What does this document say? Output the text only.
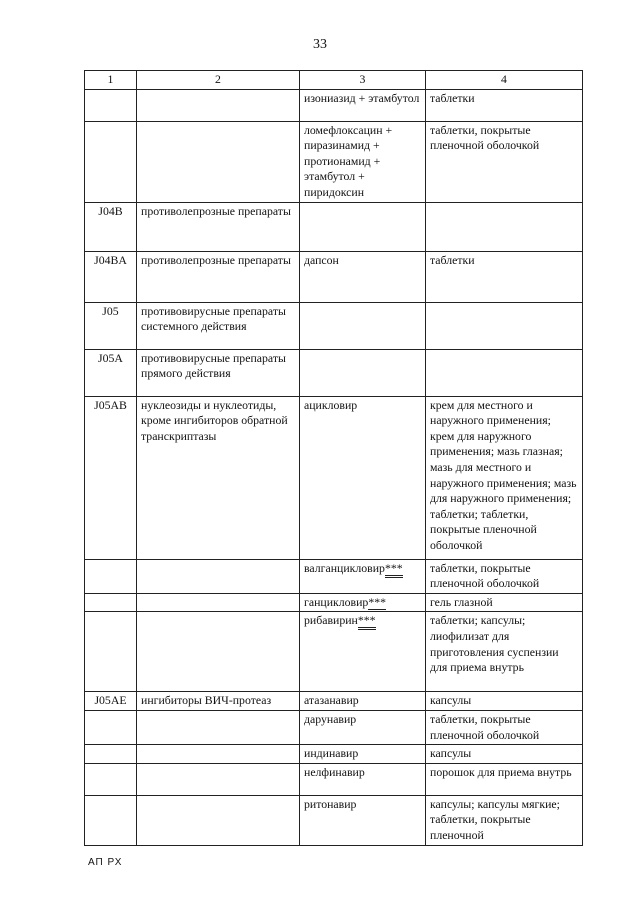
33
1	2	3	4
		изониазид + этамбутол	таблетки
		ломефлоксацин + пиразинамид + протионамид + этамбутол + пиридоксин	таблетки, покрытые пленочной оболочкой
J04B	противолепрозные препараты		
J04BA	противолепрозные препараты	дапсон	таблетки
J05	противовирусные препараты системного действия		
J05A	противовирусные препараты прямого действия		
J05AB	нуклеозиды и нуклеотиды, кроме ингибиторов обратной транскриптазы	ацикловир	крем для местного и наружного применения; крем для наружного применения; мазь глазная; мазь для местного и наружного применения; мазь для наружного применения; таблетки; таблетки, покрытые пленочной оболочкой
		валганцикловир***	таблетки, покрытые пленочной оболочкой
		ганцикловир***	гель глазной
		рибавирин***	таблетки; капсулы; лиофилизат для приготовления суспензии для приема внутрь
J05AE	ингибиторы ВИЧ-протеаз	атазанавир	капсулы
		дарунавир	таблетки, покрытые пленочной оболочкой
		индинавир	капсулы
		нелфинавир	порошок для приема внутрь
		ритонавир	капсулы; капсулы мягкие; таблетки, покрытые пленочной
АП РХ
